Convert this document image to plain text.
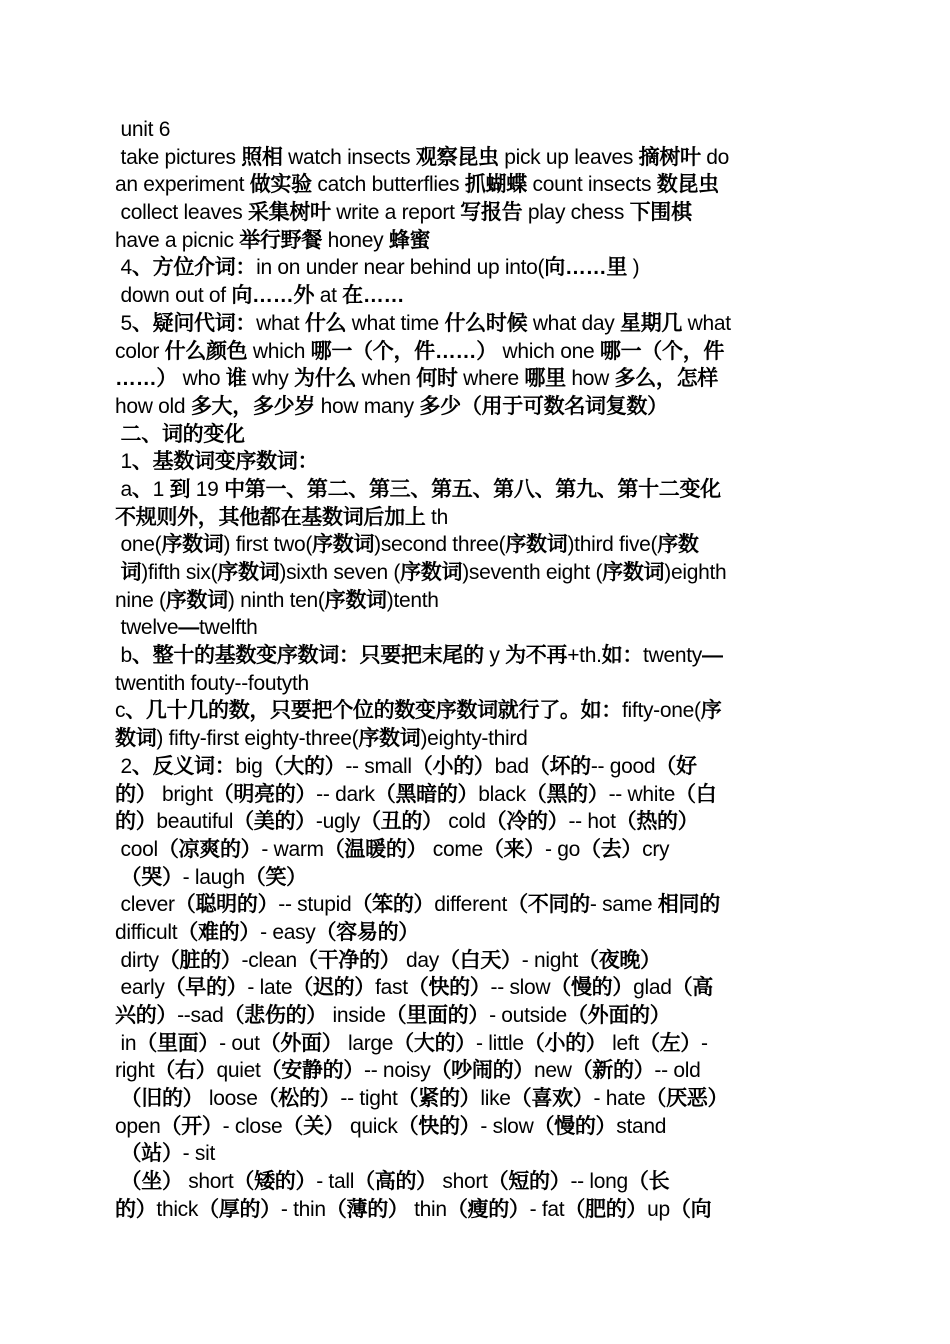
unit 6
take pictures 照相 watch insects 观察昆虫 pick up leaves 摘树叶 do
an experiment 做实验 catch butterflies 抓蝴蝶 count insects 数昆虫
collect leaves 采集树叶 write a report 写报告 play chess 下围棋
have a picnic 举行野餐 honey 蜂蜜
4、方位介词：in on under near behind up into(向……里 )
down out of 向……外 at 在……
5、疑问代词：what 什么 what time 什么时候 what day 星期几 what
color 什么颜色 which 哪一（个，件……） which one 哪一（个，件
……） who 谁 why 为什么 when 何时 where 哪里 how 多么，怎样
how old 多大，多少岁 how many 多少（用于可数名词复数）
二、词的变化
1、基数词变序数词：
a、1 到 19 中第一、第二、第三、第五、第八、第九、第十二变化
不规则外，其他都在基数词后加上 th
one(序数词) first two(序数词)second three(序数词)third five(序数
词)fifth six(序数词)sixth seven (序数词)seventh eight (序数词)eighth
nine (序数词) ninth ten(序数词)tenth
twelve—twelfth
b、整十的基数变序数词：只要把末尾的 y 为不再+th.如：twenty—
twentith fouty--foutyth
c、几十几的数，只要把个位的数变序数词就行了。如：fifty-one(序
数词) fifty-first eighty-three(序数词)eighty-third
2、反义词：big（大的）-- small（小的）bad（坏的-- good（好
的） bright（明亮的）-- dark（黑暗的）black（黑的）-- white（白
的）beautiful（美的）-ugly（丑的） cold（冷的）-- hot（热的）
cool（凉爽的）- warm（温暖的） come（来）- go（去）cry
（哭）- laugh（笑）
clever（聪明的）-- stupid（笨的）different（不同的- same 相同的
difficult（难的）- easy（容易的）
dirty（脏的）-clean（干净的） day（白天）- night（夜晚）
early（早的）- late（迟的）fast（快的）-- slow（慢的）glad（高
兴的）--sad（悲伤的） inside（里面的）- outside（外面的）
in（里面）- out（外面） large（大的）- little（小的） left（左）-
right（右）quiet（安静的）-- noisy（吵闹的）new（新的）-- old
（旧的） loose（松的）-- tight（紧的）like（喜欢）- hate（厌恶）
open（开）- close（关） quick（快的）- slow（慢的）stand
（站）- sit
（坐） short（矮的）- tall（高的） short（短的）-- long（长
的）thick（厚的）- thin（薄的） thin（瘦的）- fat（肥的）up（向
